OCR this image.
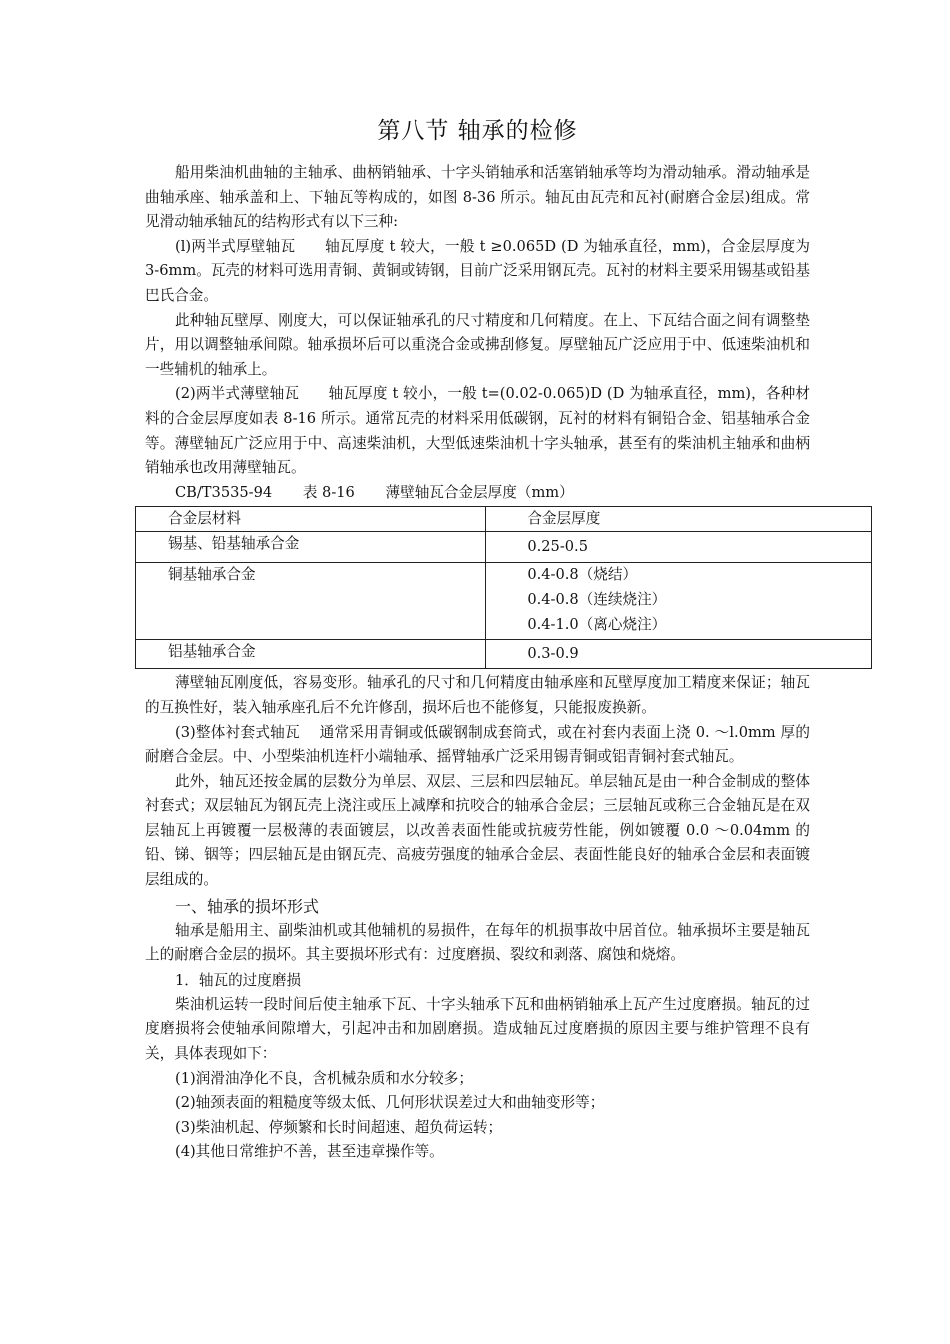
第八节 轴承的检修

船用柴油机曲轴的主轴承、曲柄销轴承、十字头销轴承和活塞销轴承等均为滑动轴承。滑动轴承是曲轴承座、轴承盖和上、下轴瓦等构成的，如图 8-36 所示。轴瓦由瓦壳和瓦衬(耐磨合金层)组成。常见滑动轴承轴瓦的结构形式有以下三种:

(l)两半式厚壁轴瓦　　轴瓦厚度 t 较大，一般 t ≥0.065D (D 为轴承直径，mm)，合金层厚度为 3-6mm。瓦壳的材料可选用青铜、黄铜或铸钢，目前广泛采用钢瓦壳。瓦衬的材料主要采用锡基或铅基巴氏合金。

此种轴瓦壁厚、刚度大，可以保证轴承孔的尺寸精度和几何精度。在上、下瓦结合面之间有调整垫片，用以调整轴承间隙。轴承损坏后可以重浇合金或拂刮修复。厚壁轴瓦广泛应用于中、低速柴油机和一些辅机的轴承上。

(2)两半式薄壁轴瓦　　轴瓦厚度 t 较小，一般 t=(0.02-0.065)D (D 为轴承直径，mm)，各种材料的合金层厚度如表 8-16 所示。通常瓦壳的材料采用低碳钢，瓦衬的材料有铜铅合金、铝基轴承合金等。薄壁轴瓦广泛应用于中、高速柴油机，大型低速柴油机十字头轴承，甚至有的柴油机主轴承和曲柄销轴承也改用薄壁轴瓦。

CB/T3535-94 表 8-16 薄壁轴瓦合金层厚度（mm）
合金层材料	合金层厚度
锡基、铅基轴承合金	0.25-0.5
铜基轴承合金	0.4-0.8（烧结）
0.4-0.8（连续烧注）
0.4-1.0（离心烧注）

铝基轴承合金	0.3-0.9

薄壁轴瓦刚度低，容易变形。轴承孔的尺寸和几何精度由轴承座和瓦壁厚度加工精度来保证；轴瓦的互换性好，装入轴承座孔后不允许修刮，损坏后也不能修复，只能报废换新。

(3)整体衬套式轴瓦　 通常采用青铜或低碳钢制成套筒式，或在衬套内表面上浇 0. ～l.0mm 厚的耐磨合金层。中、小型柴油机连杆小端轴承、摇臂轴承广泛采用锡青铜或铝青铜衬套式轴瓦。

此外，轴瓦还按金属的层数分为单层、双层、三层和四层轴瓦。单层轴瓦是由一种合金制成的整体衬套式；双层轴瓦为钢瓦壳上浇注或压上减摩和抗咬合的轴承合金层；三层轴瓦或称三合金轴瓦是在双层轴瓦上再镀覆一层极薄的表面镀层，以改善表面性能或抗疲劳性能，例如镀覆 0.0 ～0.04mm 的铅、锑、铟等；四层轴瓦是由钢瓦壳、高疲劳强度的轴承合金层、表面性能良好的轴承合金层和表面镀层组成的。

一、轴承的损坏形式

轴承是船用主、副柴油机或其他辅机的易损件，在每年的机损事故中居首位。轴承损坏主要是轴瓦上的耐磨合金层的损坏。其主要损坏形式有：过度磨损、裂纹和剥落、腐蚀和烧熔。

1．轴瓦的过度磨损

柴油机运转一段时间后使主轴承下瓦、十字头轴承下瓦和曲柄销轴承上瓦产生过度磨损。轴瓦的过度磨损将会使轴承间隙增大，引起冲击和加剧磨损。造成轴瓦过度磨损的原因主要与维护管理不良有关，具体表现如下：

(1)润滑油净化不良，含机械杂质和水分较多；

(2)轴颈表面的粗糙度等级太低、几何形状误差过大和曲轴变形等；

(3)柴油机起、停频繁和长时间超速、超负荷运转；

(4)其他日常维护不善，甚至违章操作等。
